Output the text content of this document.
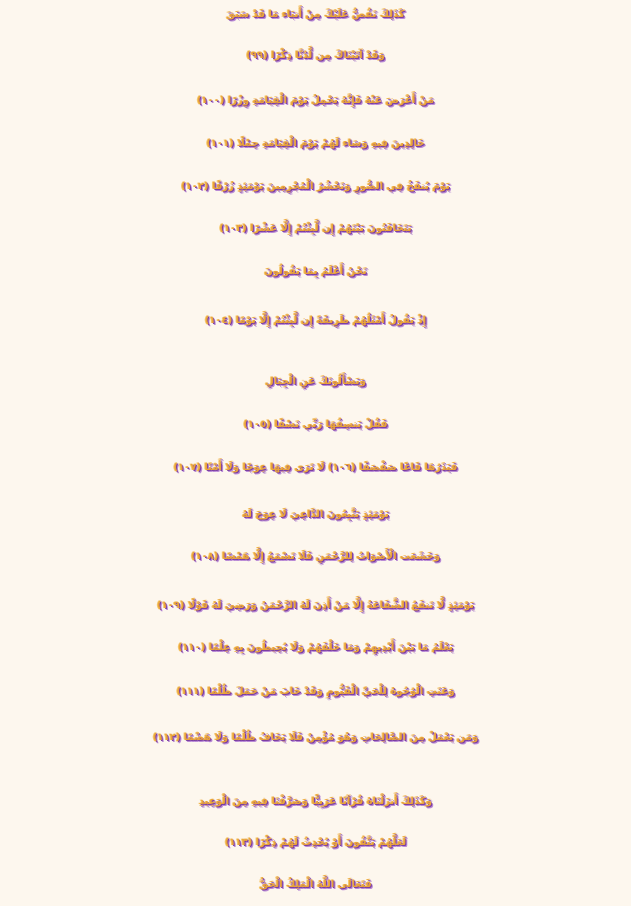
كَذَلِكَ نَقُصُّ عَلَيْكَ مِنْ أَنبَاء مَا قَدْ سَبَقَ
وَقَدْ آتَيْنَاكَ مِن لَّدُنَّا ذِكْرًا (٩٩)
مَنْ أَعْرَضَ عَنْهُ فَإِنَّهُ يَحْمِلُ يَوْمَ الْقِيَامَةِ وِزْرًا (١٠٠)
خَالِدِينَ فِيهِ وَسَاء لَهُمْ يَوْمَ الْقِيَامَةِ حِمْلًا (١٠١)
يَوْمَ يُنفَخُ فِي الصُّورِ وَنَحْشُرُ الْمُجْرِمِينَ يَوْمَئِذٍ زُرْقًا (١٠٢)
يَتَخَافَتُونَ بَيْنَهُمْ إِن لَّبِثْتُمْ إِلَّا عَشْرًا (١٠٣)
نَحْنُ أَعْلَمُ بِمَا يَقُولُونَ
إِذْ يَقُولُ أَمْثَلُهُمْ طَرِيقَةً إِن لَّبِثْتُمْ إِلَّا يَوْمًا (١٠٤)
وَيَسْأَلُونَكَ عَنِ الْجِبَالِ
فَقُلْ يَنسِفُهَا رَبِّي نَسْفًا (١٠٥)
فَيَذَرُهَا قَاعًا صَفْصَفًا (١٠٦) لَا تَرَى فِيهَا عِوَجًا وَلَا أَمْتًا (١٠٧)
يَوْمَئِذٍ يَتَّبِعُونَ الدَّاعِيَ لَا عِوَجَ لَهُ
وَخَشَعَت الْأَصْوَاتُ لِلرَّحْمَنِ فَلَا تَسْمَعُ إِلَّا هَمْسًا (١٠٨)
يَوْمَئِذٍ لَّا تَنفَعُ الشَّفَاعَةُ إِلَّا مَنْ أَذِنَ لَهُ الرَّحْمَنُ وَرَضِيَ لَهُ قَوْلًا (١٠٩)
يَعْلَمُ مَا بَيْنَ أَيْدِيهِمْ وَمَا خَلْفَهُمْ وَلَا يُحِيطُونَ بِهِ عِلْمًا (١١٠)
وَعَنَتِ الْوُجُوهُ لِلْحَيِّ الْقَيُّومِ وَقَدْ خَابَ مَنْ حَمَلَ ظُلْمًا (١١١)
وَمَن يَعْمَلْ مِنَ الصَّالِحَاتِ وَهُوَ مُؤْمِنٌ فَلَا يَخَافُ ظُلْمًا وَلَا هَضْمًا (١١٢)
وَكَذَلِكَ أَنزَلْنَاهُ قُرْآنًا عَرَبِيًّا وَصَرَّفْنَا فِيهِ مِنَ الْوَعِيدِ
لَعَلَّهُمْ يَتَّقُونَ أَوْ يُحْدِثُ لَهُمْ ذِكْرًا (١١٣)
فَتَعَالَى اللَّهُ الْمَلِكُ الْحَقُّ
